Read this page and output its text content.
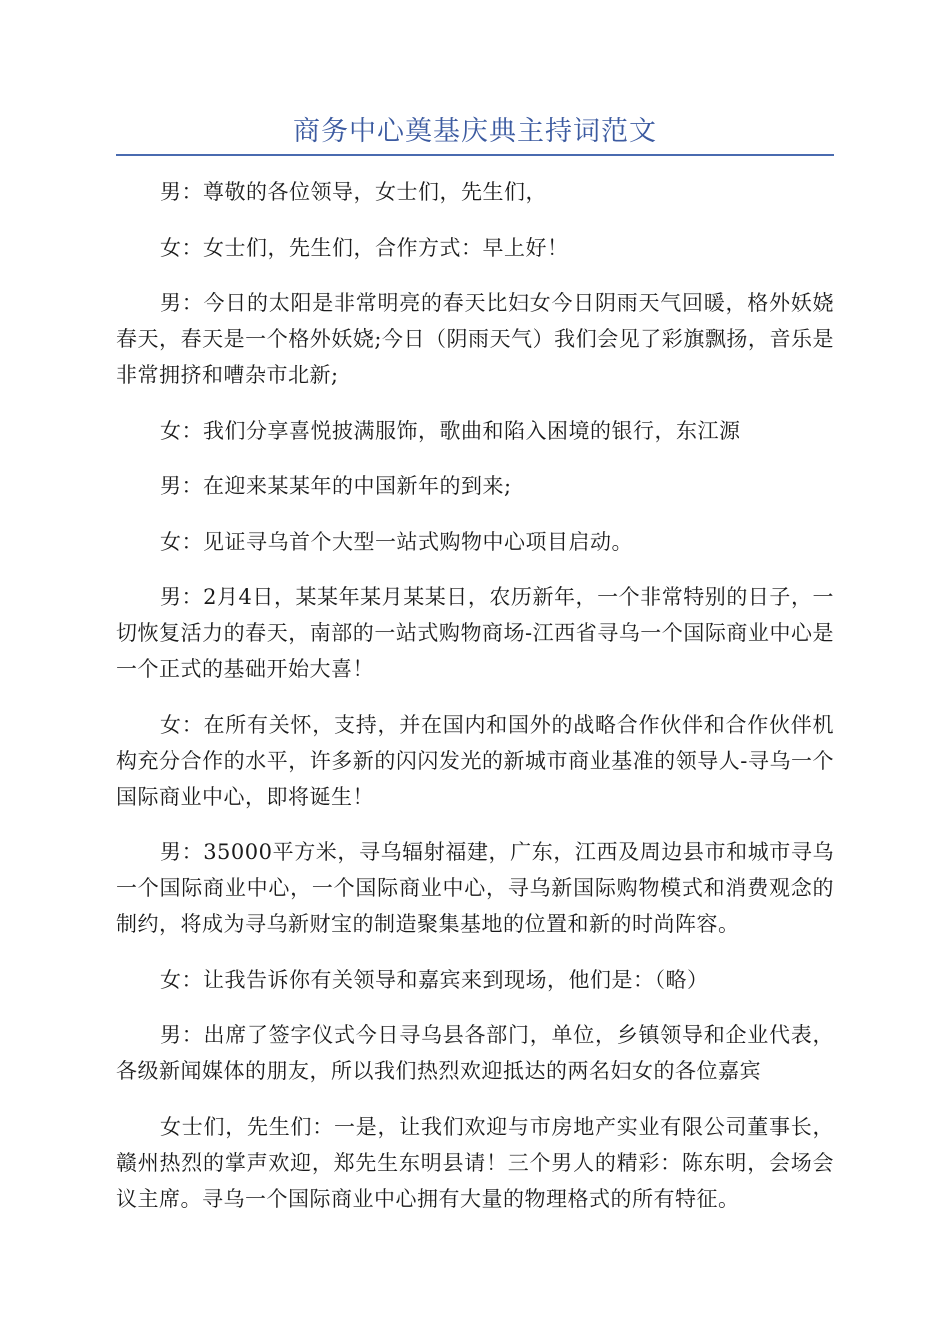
商务中心奠基庆典主持词范文

男：尊敬的各位领导，女士们，先生们，

女：女士们，先生们，合作方式：早上好！

男：今日的太阳是非常明亮的春天比妇女今日阴雨天气回暖，格外妖娆春天，春天是一个格外妖娆;今日（阴雨天气）我们会见了彩旗飘扬，音乐是非常拥挤和嘈杂市北新;

女：我们分享喜悦披满服饰，歌曲和陷入困境的银行，东江源

男：在迎来某某年的中国新年的到来;

女：见证寻乌首个大型一站式购物中心项目启动。

男：2月4日，某某年某月某某日，农历新年，一个非常特别的日子，一切恢复活力的春天，南部的一站式购物商场-江西省寻乌一个国际商业中心是一个正式的基础开始大喜！

女：在所有关怀，支持，并在国内和国外的战略合作伙伴和合作伙伴机构充分合作的水平，许多新的闪闪发光的新城市商业基准的领导人-寻乌一个国际商业中心，即将诞生！

男：35000平方米，寻乌辐射福建，广东，江西及周边县市和城市寻乌一个国际商业中心，一个国际商业中心，寻乌新国际购物模式和消费观念的制约，将成为寻乌新财宝的制造聚集基地的位置和新的时尚阵容。

女：让我告诉你有关领导和嘉宾来到现场，他们是：（略）

男：出席了签字仪式今日寻乌县各部门，单位，乡镇领导和企业代表，各级新闻媒体的朋友，所以我们热烈欢迎抵达的两名妇女的各位嘉宾

女士们，先生们：一是，让我们欢迎与市房地产实业有限公司董事长，赣州热烈的掌声欢迎，郑先生东明县请！三个男人的精彩：陈东明，会场会议主席。寻乌一个国际商业中心拥有大量的物理格式的所有特征。
